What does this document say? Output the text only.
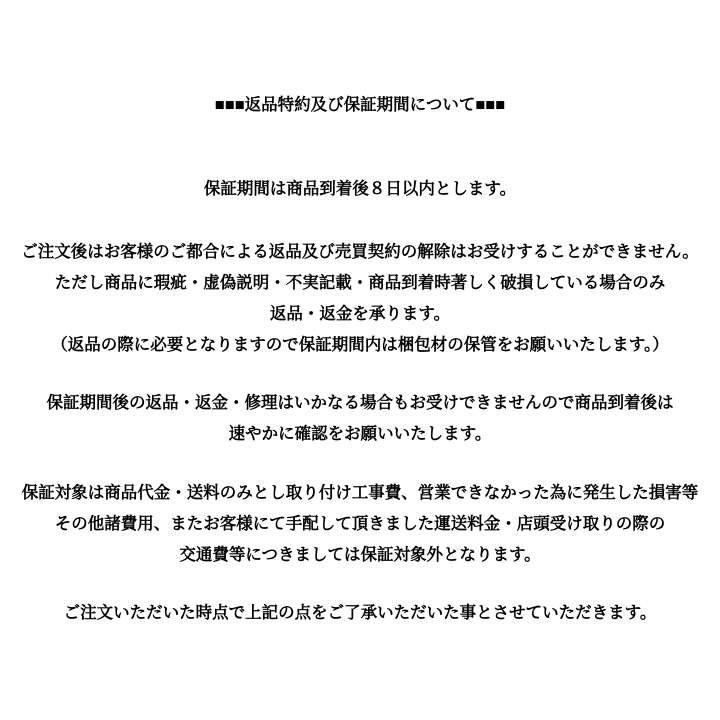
■■■返品特約及び保証期間について■■■

保証期間は商品到着後８日以内とします。

ご注文後はお客様のご都合による返品及び売買契約の解除はお受けすることができません。

ただし商品に瑕疵・虚偽説明・不実記載・商品到着時著しく破損している場合のみ

返品・返金を承ります。

（返品の際に必要となりますので保証期間内は梱包材の保管をお願いいたします。）

保証期間後の返品・返金・修理はいかなる場合もお受けできませんので商品到着後は

速やかに確認をお願いいたします。

保証対象は商品代金・送料のみとし取り付け工事費、営業できなかった為に発生した損害等

その他諸費用、またお客様にて手配して頂きました運送料金・店頭受け取りの際の

交通費等につきましては保証対象外となります。

ご注文いただいた時点で上記の点をご了承いただいた事とさせていただきます。
